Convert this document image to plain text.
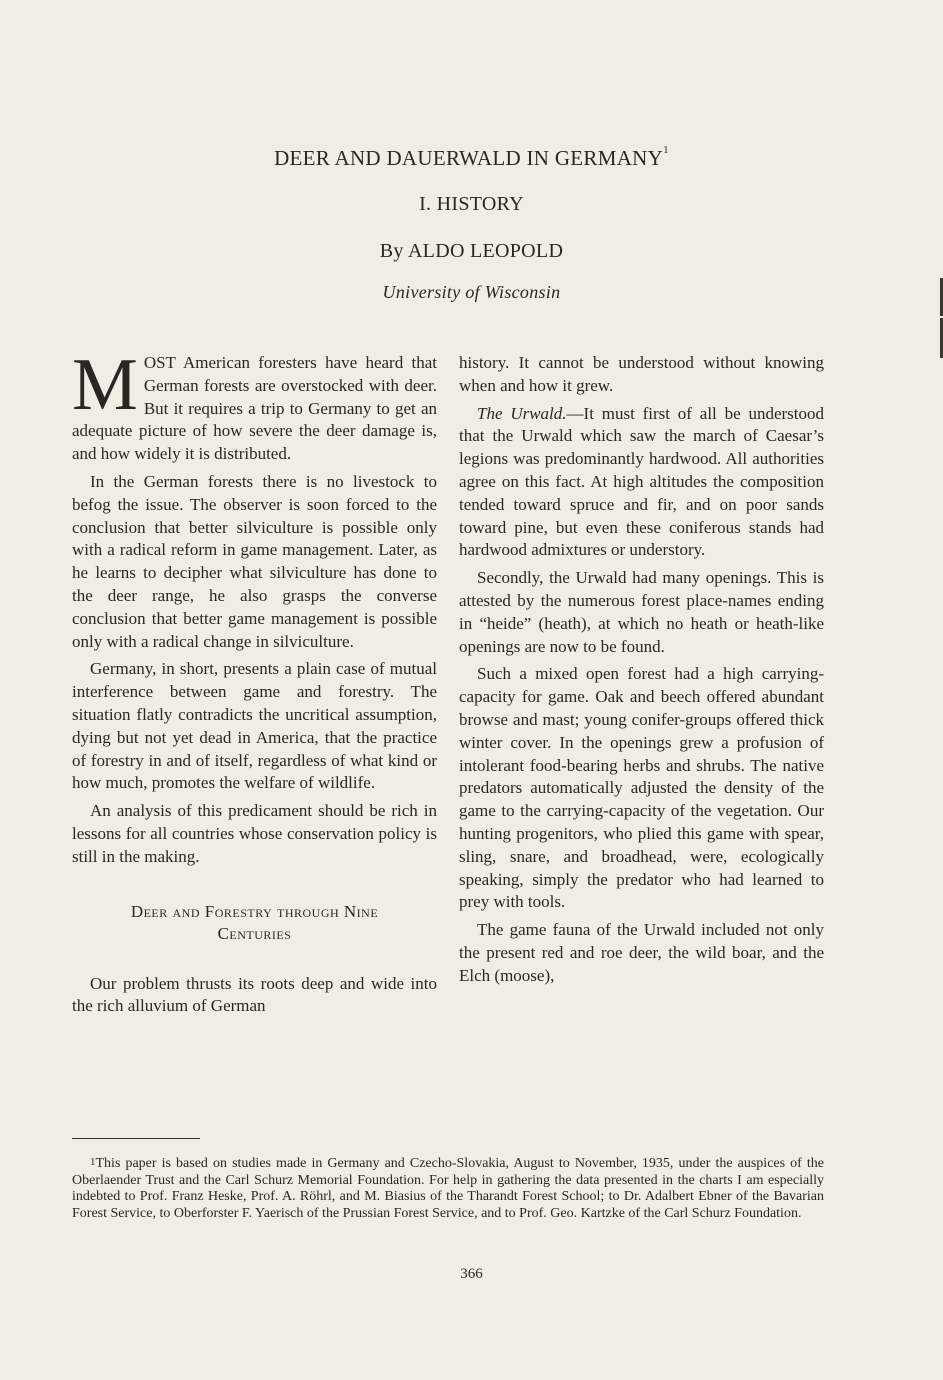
DEER AND DAUERWALD IN GERMANY$^1$
I. HISTORY
By ALDO LEOPOLD
University of Wisconsin

MOST American foresters have heard that German forests are overstocked with deer. But it requires a trip to Germany to get an adequate picture of how severe the deer damage is, and how widely it is distributed.

In the German forests there is no livestock to befog the issue. The observer is soon forced to the conclusion that better silviculture is possible only with a radical reform in game management. Later, as he learns to decipher what silviculture has done to the deer range, he also grasps the converse conclusion that better game management is possible only with a radical change in silviculture.

Germany, in short, presents a plain case of mutual interference between game and forestry. The situation flatly contradicts the uncritical assumption, dying but not yet dead in America, that the practice of forestry in and of itself, regardless of what kind or how much, promotes the welfare of wildlife.

An analysis of this predicament should be rich in lessons for all countries whose conservation policy is still in the making.

Deer and Forestry through Nine
Centuries

Our problem thrusts its roots deep and wide into the rich alluvium of German

history. It cannot be understood without knowing when and how it grew.

The Urwald.—It must first of all be understood that the Urwald which saw the march of Caesar’s legions was predominantly hardwood. All authorities agree on this fact. At high altitudes the composition tended toward spruce and fir, and on poor sands toward pine, but even these coniferous stands had hardwood admixtures or understory.

Secondly, the Urwald had many openings. This is attested by the numerous forest place-names ending in “heide” (heath), at which no heath or heath-like openings are now to be found.

Such a mixed open forest had a high carrying-capacity for game. Oak and beech offered abundant browse and mast; young conifer-groups offered thick winter cover. In the openings grew a profusion of intolerant food-bearing herbs and shrubs. The native predators automatically adjusted the density of the game to the carrying-capacity of the vegetation. Our hunting progenitors, who plied this game with spear, sling, snare, and broadhead, were, ecologically speaking, simply the predator who had learned to prey with tools.

The game fauna of the Urwald included not only the present red and roe deer, the wild boar, and the Elch (moose),

$^1$This paper is based on studies made in Germany and Czecho-Slovakia, August to November, 1935, under the auspices of the Oberlaender Trust and the Carl Schurz Memorial Foundation. For help in gathering the data presented in the charts I am especially indebted to Prof. Franz Heske, Prof. A. Röhrl, and M. Biasius of the Tharandt Forest School; to Dr. Adalbert Ebner of the Bavarian Forest Service, to Oberforster F. Yaerisch of the Prussian Forest Service, and to Prof. Geo. Kartzke of the Carl Schurz Foundation.
366
